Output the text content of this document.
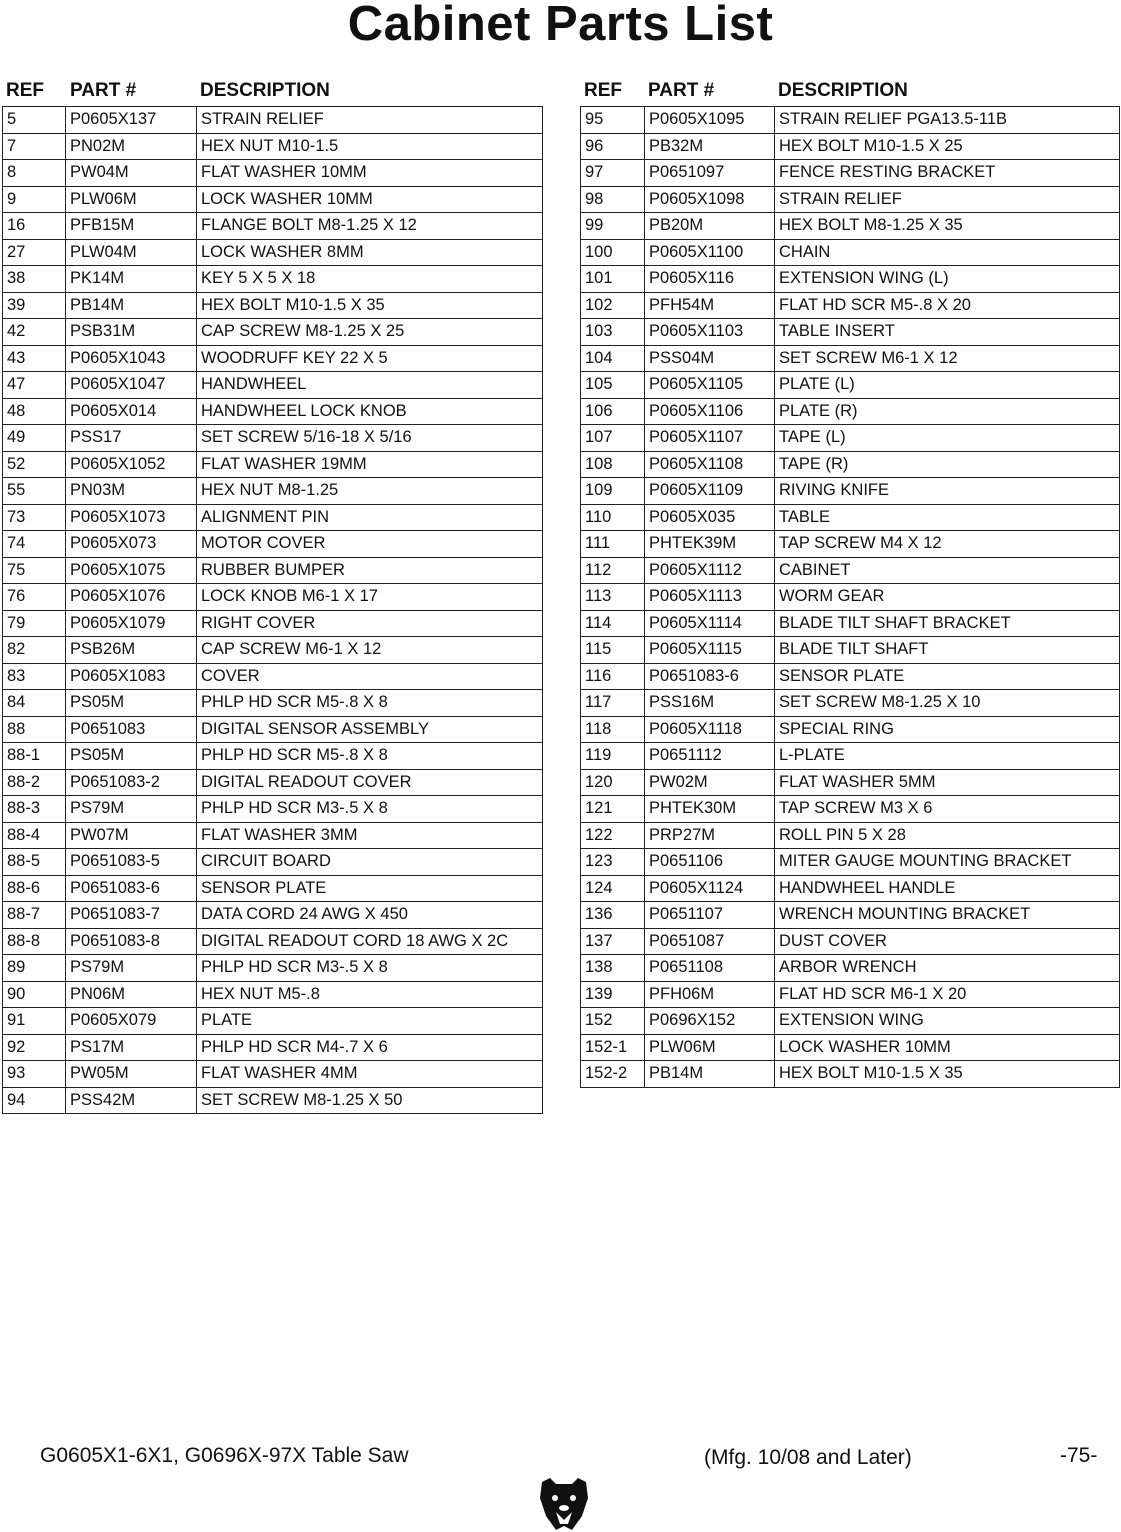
Cabinet Parts List
REF PART #	DESCRIPTION
5	P0605X137	STRAIN RELIEF
7	PN02M	HEX NUT M10-1.5
8	PW04M	FLAT WASHER 10MM
9	PLW06M	LOCK WASHER 10MM
16	PFB15M	FLANGE BOLT M8-1.25 X 12
27	PLW04M	LOCK WASHER 8MM
38	PK14M	KEY 5 X 5 X 18
39	PB14M	HEX BOLT M10-1.5 X 35
42	PSB31M	CAP SCREW M8-1.25 X 25
43	P0605X1043	WOODRUFF KEY 22 X 5
47	P0605X1047	HANDWHEEL
48	P0605X014	HANDWHEEL LOCK KNOB
49	PSS17	SET SCREW 5/16-18 X 5/16
52	P0605X1052	FLAT WASHER 19MM
55	PN03M	HEX NUT M8-1.25
73	P0605X1073	ALIGNMENT PIN
74	P0605X073	MOTOR COVER
75	P0605X1075	RUBBER BUMPER
76	P0605X1076	LOCK KNOB M6-1 X 17
79	P0605X1079	RIGHT COVER
82	PSB26M	CAP SCREW M6-1 X 12
83	P0605X1083	COVER
84	PS05M	PHLP HD SCR M5-.8 X 8
88	P0651083	DIGITAL SENSOR ASSEMBLY
88-1	PS05M	PHLP HD SCR M5-.8 X 8
88-2	P0651083-2	DIGITAL READOUT COVER
88-3	PS79M	PHLP HD SCR M3-.5 X 8
88-4	PW07M	FLAT WASHER 3MM
88-5	P0651083-5	CIRCUIT BOARD
88-6	P0651083-6	SENSOR PLATE
88-7	P0651083-7	DATA CORD 24 AWG X 450
88-8	P0651083-8	DIGITAL READOUT CORD 18 AWG X 2C
89	PS79M	PHLP HD SCR M3-.5 X 8
90	PN06M	HEX NUT M5-.8
91	P0605X079	PLATE
92	PS17M	PHLP HD SCR M4-.7 X 6
93	PW05M	FLAT WASHER 4MM
94	PSS42M	SET SCREW M8-1.25 X 50
REF PART #	DESCRIPTION
95	P0605X1095	STRAIN RELIEF PGA13.5-11B
96	PB32M	HEX BOLT M10-1.5 X 25
97	P0651097	FENCE RESTING BRACKET
98	P0605X1098	STRAIN RELIEF
99	PB20M	HEX BOLT M8-1.25 X 35
100	P0605X1100	CHAIN
101	P0605X116	EXTENSION WING (L)
102	PFH54M	FLAT HD SCR M5-.8 X 20
103	P0605X1103	TABLE INSERT
104	PSS04M	SET SCREW M6-1 X 12
105	P0605X1105	PLATE (L)
106	P0605X1106	PLATE (R)
107	P0605X1107	TAPE (L)
108	P0605X1108	TAPE (R)
109	P0605X1109	RIVING KNIFE
110	P0605X035	TABLE
111	PHTEK39M	TAP SCREW M4 X 12
112	P0605X1112	CABINET
113	P0605X1113	WORM GEAR
114	P0605X1114	BLADE TILT SHAFT BRACKET
115	P0605X1115	BLADE TILT SHAFT
116	P0651083-6	SENSOR PLATE
117	PSS16M	SET SCREW M8-1.25 X 10
118	P0605X1118	SPECIAL RING
119	P0651112	L-PLATE
120	PW02M	FLAT WASHER 5MM
121	PHTEK30M	TAP SCREW M3 X 6
122	PRP27M	ROLL PIN 5 X 28
123	P0651106	MITER GAUGE MOUNTING BRACKET
124	P0605X1124	HANDWHEEL HANDLE
136	P0651107	WRENCH MOUNTING BRACKET
137	P0651087	DUST COVER
138	P0651108	ARBOR WRENCH
139	PFH06M	FLAT HD SCR M6-1 X 20
152	P0696X152	EXTENSION WING
152-1	PLW06M	LOCK WASHER 10MM
152-2	PB14M	HEX BOLT M10-1.5 X 35
G0605X1-6X1, G0696X-97X Table Saw	(Mfg. 10/08 and Later)	-75-
